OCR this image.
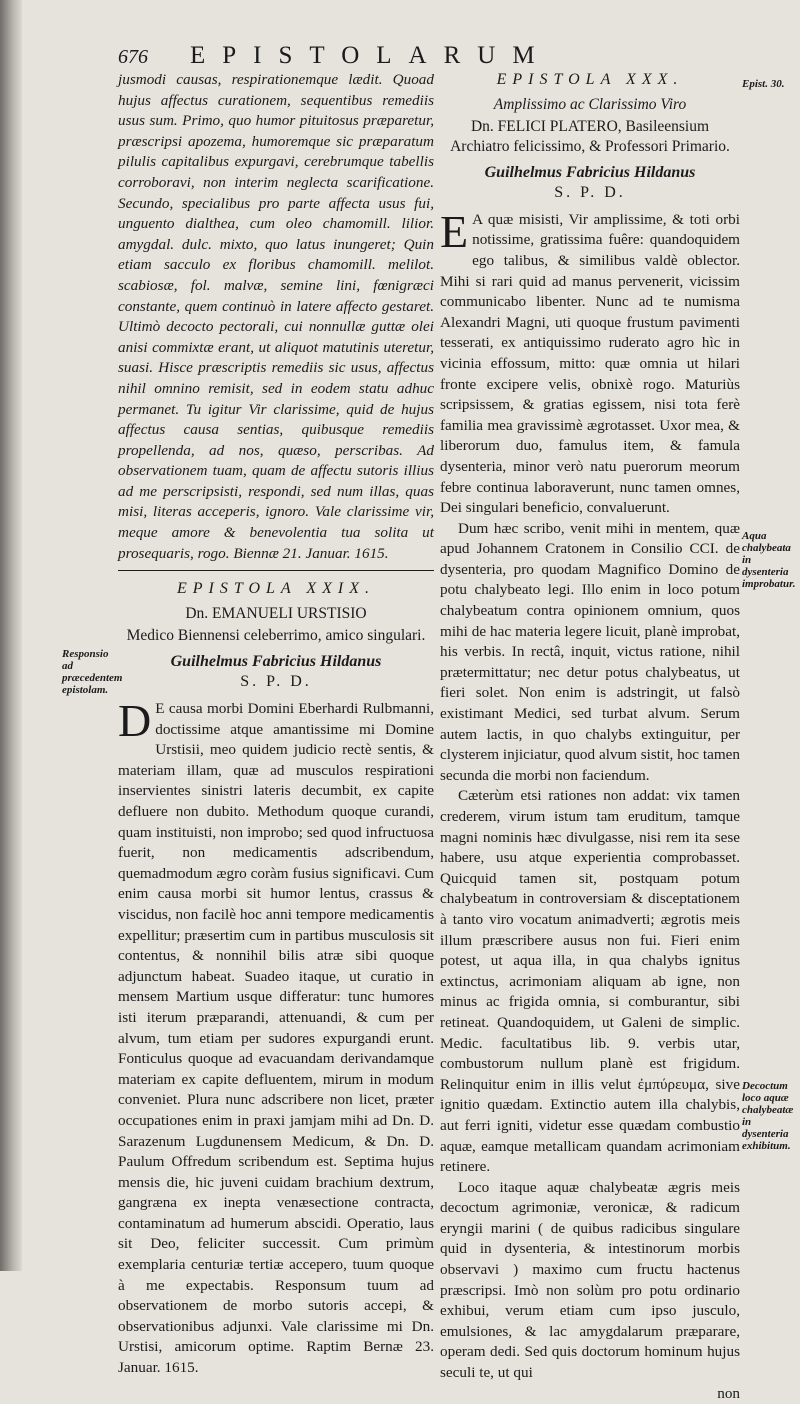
676 EPISTOLARUM

jusmodi causas, respirationemque lædit. Quoad hujus affectus curationem, sequentibus remediis usus sum. Primo, quo humor pituitosus præparetur, præscripsi apozema, humoremque sic præparatum pilulis capitalibus expurgavi, cerebrumque tabellis corroboravi, non interim neglecta scarificatione. Secundo, specialibus pro parte affecta usus fui, unguento dialthea, cum oleo chamomill. lilior. amygdal. dulc. mixto, quo latus inungeret; Quin etiam sacculo ex floribus chamomill. melilot. scabiosæ, fol. malvæ, semine lini, fœnigræci constante, quem continuò in latere affecto gestaret. Ultimò decocto pectorali, cui nonnullæ guttæ olei anisi commixtæ erant, ut aliquot matutinis uteretur, suasi. Hisce præscriptis remediis sic usus, affectus nihil omnino remisit, sed in eodem statu adhuc permanet. Tu igitur Vir clarissime, quid de hujus affectus causa sentias, quibusque remediis propellenda, ad nos, quæso, perscribas. Ad observationem tuam, quam de affectu sutoris illius ad me perscripsisti, respondi, sed num illas, quas misi, literas acceperis, ignoro. Vale clarissime vir, meque amore & benevolentia tua solita ut prosequaris, rogo. Biennæ 21. Januar. 1615.

EPISTOLA XXIX.
Dn. EMANUELI URSTISIO
Medico Biennensi celeberrimo, amico singulari.
Guilhelmus Fabricius Hildanus
S. P. D.

D E causa morbi Domini Eberhardi Rulbmanni, doctissime atque amantissime mi Domine Urstisii, meo quidem judicio rectè sentis, & materiam illam, quæ ad musculos respirationi inservientes sinistri lateris decumbit, ex capite defluere non dubito. Methodum quoque curandi, quam instituisti, non improbo; sed quod infructuosa fuerit, non medicamentis adscribendum, quemadmodum ægro coràm fusius significavi. Cum enim causa morbi sit humor lentus, crassus & viscidus, non facilè hoc anni tempore medicamentis expellitur; præsertim cum in partibus musculosis sit contentus, & nonnihil bilis atræ sibi quoque adjunctum habeat. Suadeo itaque, ut curatio in mensem Martium usque differatur: tunc humores isti iterum præparandi, attenuandi, & cum per alvum, tum etiam per sudores expurgandi erunt. Fonticulus quoque ad evacuandam derivandamque materiam ex capite defluentem, mirum in modum conveniet. Plura nunc adscribere non licet, præter occupationes enim in praxi jamjam mihi ad Dn. D. Sarazenum Lugdunensem Medicum, & Dn. D. Paulum Offredum scribendum est. Septima hujus mensis die, hic juveni cuidam brachium dextrum, gangræna ex inepta venæsectione contracta, contaminatum ad humerum abscidi. Operatio, laus sit Deo, feliciter successit. Cum primùm exemplaria centuriæ tertiæ accepero, tuum quoque à me expectabis. Responsum tuum ad observationem de morbo sutoris accepi, & observationibus adjunxi. Vale clarissime mi Dn. Urstisi, amicorum optime. Raptim Bernæ 23. Januar. 1615.

Responsio ad præcedentem epistolam.
EPISTOLA XXX.
Amplissimo ac Clarissimo Viro
Dn. FELICI PLATERO, Basileensium Archiatro felicissimo, & Professori Primario.
Guilhelmus Fabricius Hildanus
S. P. D.

E A quæ misisti, Vir amplissime, & toti orbi notissime, gratissima fuêre: quandoquidem ego talibus, & similibus valdè oblector. Mihi si rari quid ad manus pervenerit, vicissim communicabo libenter. Nunc ad te numisma Alexandri Magni, uti quoque frustum pavimenti tesserati, ex antiquissimo ruderato agro hìc in vicinia effossum, mitto: quæ omnia ut hilari fronte excipere velis, obnixè rogo. Maturiùs scripsissem, & gratias egissem, nisi tota ferè familia mea gravissimè ægrotasset. Uxor mea, & liberorum duo, famulus item, & famula dysenteria, minor verò natu puerorum meorum febre continua laboraverunt, nunc tamen omnes, Dei singulari beneficio, convaluerunt.

Dum hæc scribo, venit mihi in mentem, quæ apud Johannem Cratonem in Consilio CCI. de dysenteria, pro quodam Magnifico Domino de potu chalybeato legi. Illo enim in loco potum chalybeatum contra opinionem omnium, quos mihi de hac materia legere licuit, planè improbat, his verbis. In rectâ, inquit, victus ratione, nihil prætermittatur; nec detur potus chalybeatus, ut fieri solet. Non enim is adstringit, ut falsò existimant Medici, sed turbat alvum. Serum autem lactis, in quo chalybs extinguitur, per clysterem injiciatur, quod alvum sistit, hoc tamen secunda die morbi non faciendum.

Cæterùm etsi rationes non addat: vix tamen crederem, virum istum tam eruditum, tamque magni nominis hæc divulgasse, nisi rem ita sese habere, usu atque experientia comprobasset. Quicquid tamen sit, postquam potum chalybeatum in controversiam & disceptationem à tanto viro vocatum animadverti; ægrotis meis illum præscribere ausus non fui. Fieri enim potest, ut aqua illa, in qua chalybs ignitus extinctus, acrimoniam aliquam ab igne, non minus ac frigida omnia, si comburantur, sibi retineat. Quandoquidem, ut Galeni de simplic. Medic. facultatibus lib. 9. verbis utar, combustorum nullum planè est frigidum. Relinquitur enim in illis velut ἐμπύρευμα, sive ignitio quædam. Extinctio autem illa chalybis, aut ferri igniti, videtur esse quædam combustio aquæ, eamque metallicam quandam acrimoniam retinere.

Loco itaque aquæ chalybeatæ ægris meis decoctum agrimoniæ, veronicæ, & radicum eryngii marini ( de quibus radicibus singulare quid in dysenteria, & intestinorum morbis observavi ) maximo cum fructu hactenus præscripsi. Imò non solùm pro potu ordinario exhibui, verum etiam cum ipso jusculo, emulsiones, & lac amygdalarum præparare, operam dedi. Sed quis doctorum hominum hujus seculi te, ut qui

non
Epist. 30.
Aqua chalybeata in dysenteria improbatur.
Decoctum loco aquæ chalybeatæ in dysenteria exhibitum.
